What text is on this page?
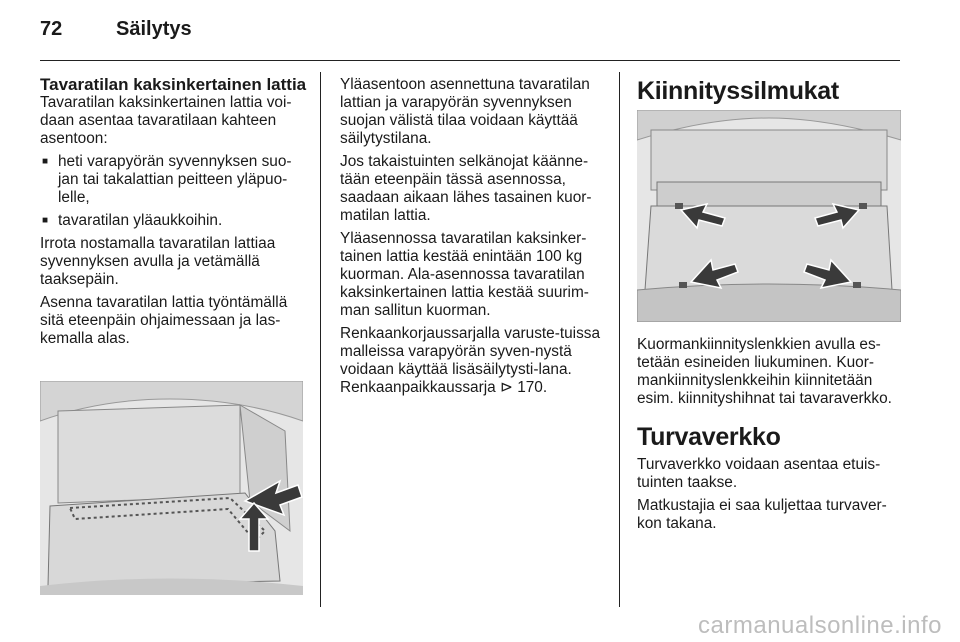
72	Säilytys
Tavaratilan kaksinkertainen lattia

Tavaratilan kaksinkertainen lattia voi-daan asentaa tavaratilaan kahteen asentoon:

■ heti varapyörän syvennyksen suo-jan tai takalattian peitteen yläpuo-lelle,
■ tavaratilan yläaukkoihin.

Irrota nostamalla tavaratilan lattiaa syvennyksen avulla ja vetämällä taaksepäin.

Asenna tavaratilan lattia työntämällä sitä eteenpäin ohjaimessaan ja las-kemalla alas.

Yläasentoon asennettuna tavaratilan lattian ja varapyörän syvennyksen suojan välistä tilaa voidaan käyttää säilytystilana.

Jos takaistuinten selkänojat käänne-tään eteenpäin tässä asennossa, saadaan aikaan lähes tasainen kuor-matilan lattia.

Yläasennossa tavaratilan kaksinker-tainen lattia kestää enintään 100 kg kuorman. Ala-asennossa tavaratilan kaksinkertainen lattia kestää suurim-man sallitun kuorman.

Renkaankorjaussarjalla varuste-tuissa malleissa varapyörän syven-nystä voidaan käyttää lisäsäilytysti-lana. Renkaanpaikkaussarja ⊳ 170.

Kiinnityssilmukat

Kuormankiinnityslenkkien avulla es-tetään esineiden liukuminen. Kuor-mankiinnityslenkkeihin kiinnitetään esim. kiinnityshihnat tai tavaraverkko.

Turvaverkko

Turvaverkko voidaan asentaa etuis-tuinten taakse.

Matkustajia ei saa kuljettaa turvaver-kon takana.

carmanualsonline.info
